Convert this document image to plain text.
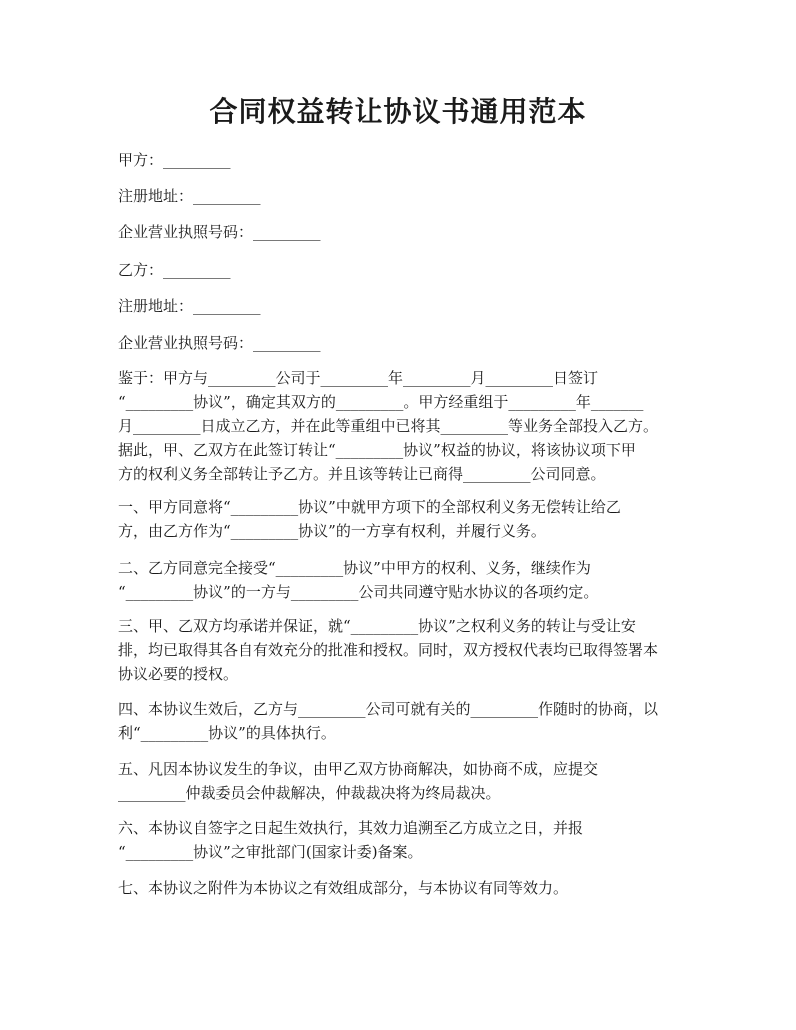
合同权益转让协议书通用范本
甲方：_________
注册地址：_________
企业营业执照号码：_________
乙方：_________
注册地址：_________
企业营业执照号码：_________
鉴于：甲方与_________公司于_________年_________月_________日签订
“_________协议”，确定其双方的_________。甲方经重组于_________年_______
月_________日成立乙方，并在此等重组中已将其_________等业务全部投入乙方。
据此，甲、乙双方在此签订转让“_________协议”权益的协议，将该协议项下甲
方的权利义务全部转让予乙方。并且该等转让已商得_________公司同意。
一、甲方同意将“_________协议”中就甲方项下的全部权利义务无偿转让给乙
方，由乙方作为“_________协议”的一方享有权利，并履行义务。
二、乙方同意完全接受“_________协议”中甲方的权利、义务，继续作为
“_________协议”的一方与_________公司共同遵守贴水协议的各项约定。
三、甲、乙双方均承诺并保证，就“_________协议”之权利义务的转让与受让安
排，均已取得其各自有效充分的批准和授权。同时，双方授权代表均已取得签署本
协议必要的授权。
四、本协议生效后，乙方与_________公司可就有关的_________作随时的协商，以
利“_________协议”的具体执行。
五、凡因本协议发生的争议，由甲乙双方协商解决，如协商不成，应提交
_________仲裁委员会仲裁解决，仲裁裁决将为终局裁决。
六、本协议自签字之日起生效执行，其效力追溯至乙方成立之日，并报
“_________协议”之审批部门(国家计委)备案。
七、本协议之附件为本协议之有效组成部分，与本协议有同等效力。
